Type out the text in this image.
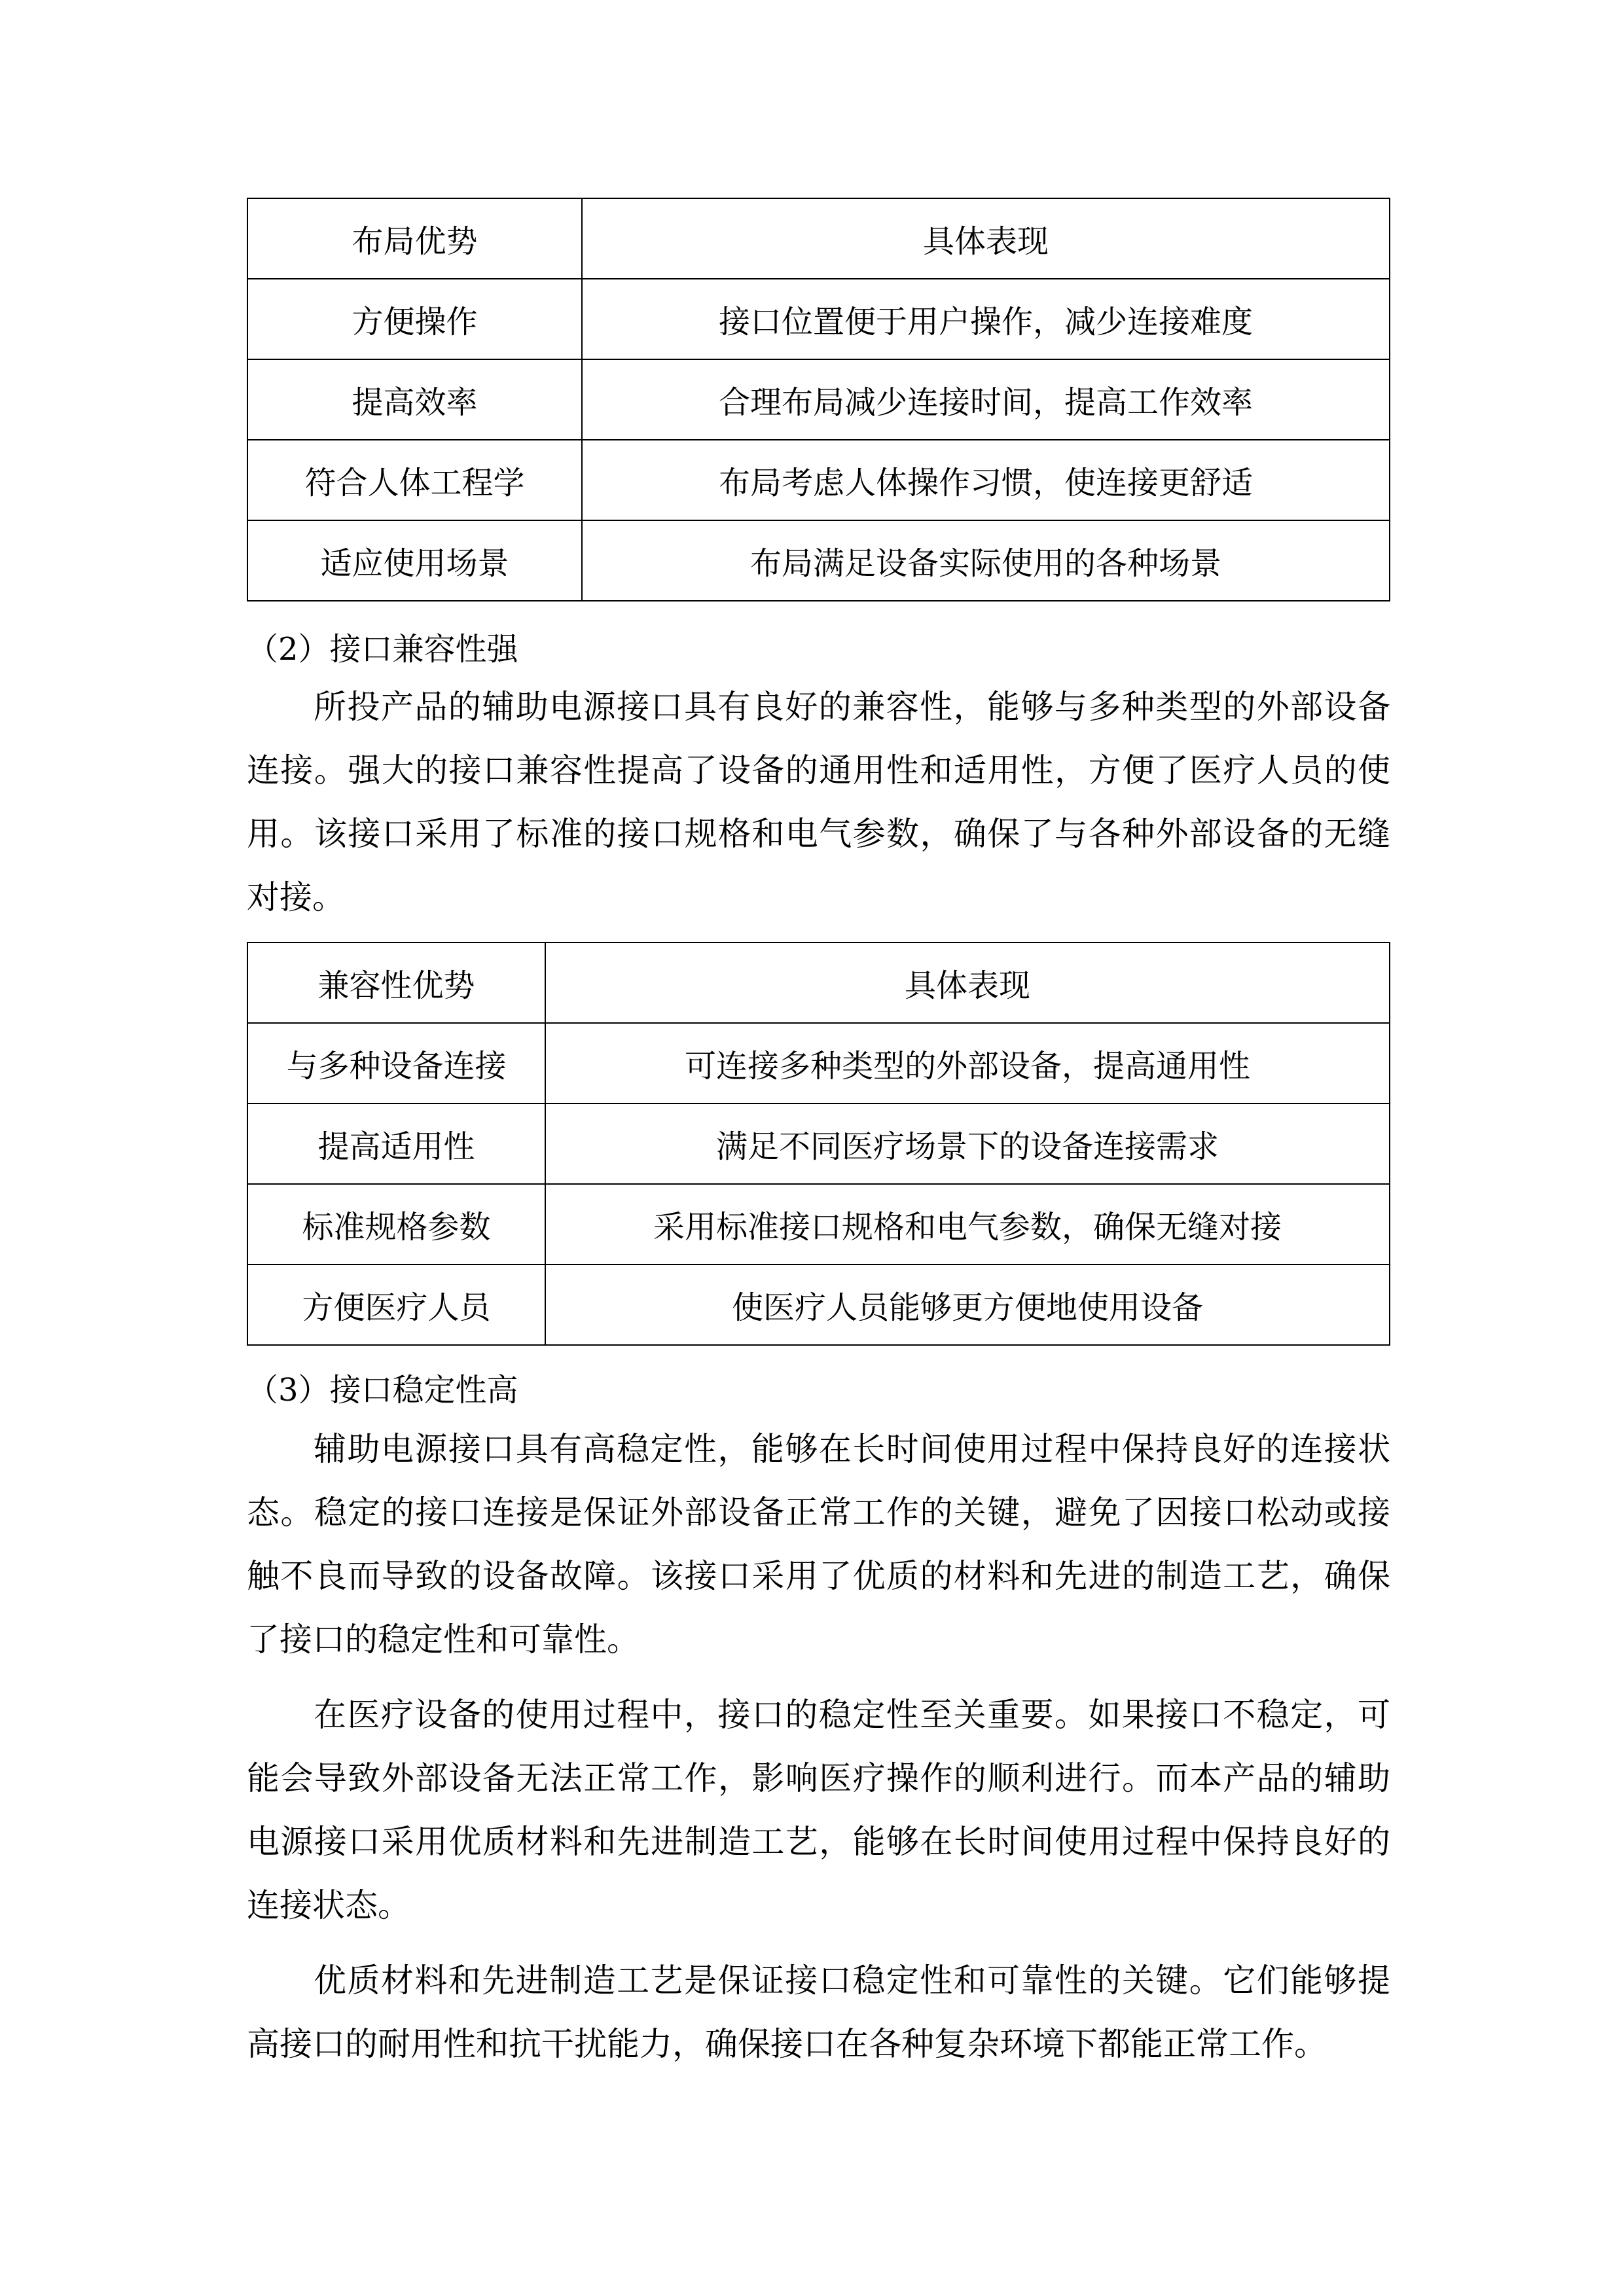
布局优势	具体表现
方便操作	接口位置便于用户操作，减少连接难度
提高效率	合理布局减少连接时间，提高工作效率
符合人体工程学	布局考虑人体操作习惯，使连接更舒适
适应使用场景	布局满足设备实际使用的各种场景
（2）接口兼容性强

所投产品的辅助电源接口具有良好的兼容性，能够与多种类型的外部设备连接。强大的接口兼容性提高了设备的通用性和适用性，方便了医疗人员的使用。该接口采用了标准的接口规格和电气参数，确保了与各种外部设备的无缝对接。

兼容性优势	具体表现
与多种设备连接	可连接多种类型的外部设备，提高通用性
提高适用性	满足不同医疗场景下的设备连接需求
标准规格参数	采用标准接口规格和电气参数，确保无缝对接
方便医疗人员	使医疗人员能够更方便地使用设备
（3）接口稳定性高

辅助电源接口具有高稳定性，能够在长时间使用过程中保持良好的连接状态。稳定的接口连接是保证外部设备正常工作的关键，避免了因接口松动或接触不良而导致的设备故障。该接口采用了优质的材料和先进的制造工艺，确保了接口的稳定性和可靠性。

在医疗设备的使用过程中，接口的稳定性至关重要。如果接口不稳定，可能会导致外部设备无法正常工作，影响医疗操作的顺利进行。而本产品的辅助电源接口采用优质材料和先进制造工艺，能够在长时间使用过程中保持良好的连接状态。

优质材料和先进制造工艺是保证接口稳定性和可靠性的关键。它们能够提高接口的耐用性和抗干扰能力，确保接口在各种复杂环境下都能正常工作。
